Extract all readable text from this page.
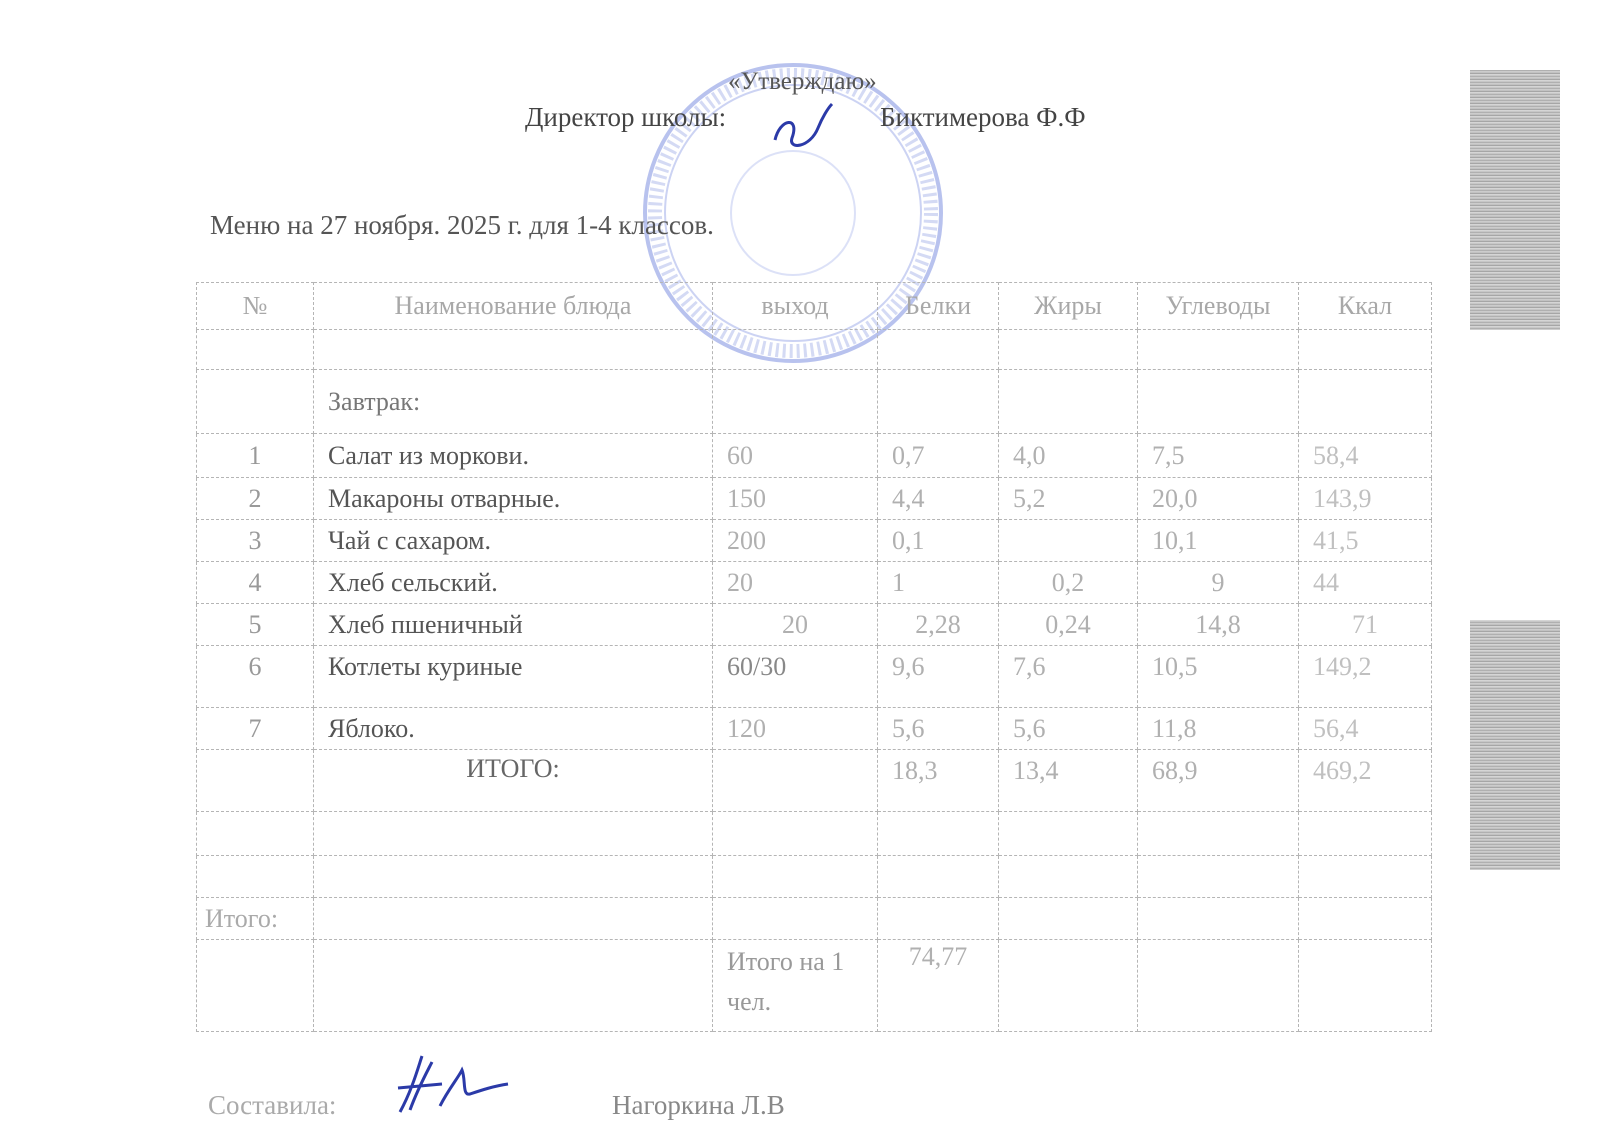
«Утверждаю»
Директор школы:	Биктимерова Ф.Ф
Меню на 27 ноября. 2025 г. для 1-4 классов.
№	Наименование блюда	выход	Белки	Жиры	Углеводы	Ккал

	Завтрак:					
1	Салат из моркови.	60	0,7	4,0	7,5	58,4
2	Макароны отварные.	150	4,4	5,2	20,0	143,9
3	Чай с сахаром.	200	0,1		10,1	41,5
4	Хлеб сельский.	20	1	0,2	9	44
5	Хлеб пшеничный	20	2,28	0,24	14,8	71
6	Котлеты куриные	60/30	9,6	7,6	10,5	149,2
7	Яблоко.	120	5,6	5,6	11,8	56,4
	ИТОГО:		18,3	13,4	68,9	469,2

Итого:						
		Итого на 1 чел.	74,77			
Составила:	Нагоркина Л.В
